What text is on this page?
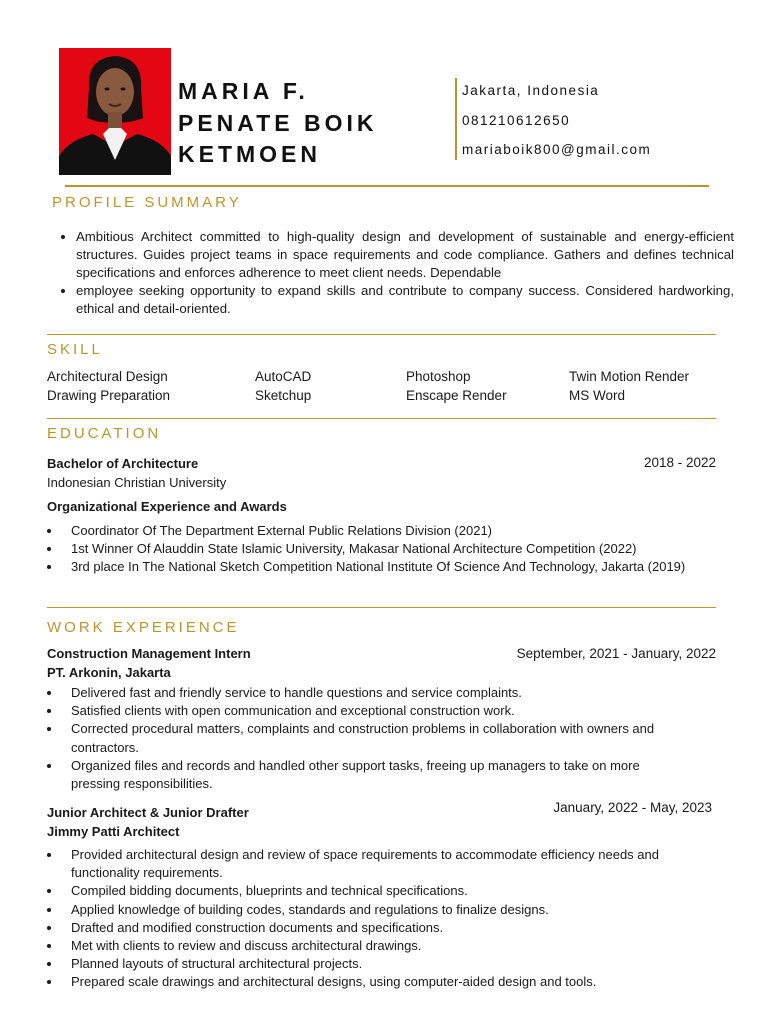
MARIA F.
PENATE BOIK
KETMOEN
Jakarta, Indonesia
081210612650
mariaboik800@gmail.com
PROFILE SUMMARY
Ambitious Architect committed to high-quality design and development of sustainable and energy-efficient structures. Guides project teams in space requirements and code compliance. Gathers and defines technical specifications and enforces adherence to meet client needs. Dependable
employee seeking opportunity to expand skills and contribute to company success. Considered hardworking, ethical and detail-oriented.
SKILL
Architectural Design	AutoCAD	Photoshop	Twin Motion Render
Drawing Preparation	Sketchup	Enscape Render	MS Word
EDUCATION
Bachelor of Architecture	2018 - 2022
Indonesian Christian University
Organizational Experience and Awards
Coordinator Of The Department External Public Relations Division (2021)
1st Winner Of Alauddin State Islamic University, Makasar National Architecture Competition (2022)
3rd place In The National Sketch Competition National Institute Of Science And Technology, Jakarta (2019)
WORK EXPERIENCE
Construction Management Intern	September, 2021 - January, 2022
PT. Arkonin, Jakarta
Delivered fast and friendly service to handle questions and service complaints.
Satisfied clients with open communication and exceptional construction work.
Corrected procedural matters, complaints and construction problems in collaboration with owners and contractors.
Organized files and records and handled other support tasks, freeing up managers to take on more pressing responsibilities.
Junior Architect & Junior Drafter	January, 2022 - May, 2023
Jimmy Patti Architect
Provided architectural design and review of space requirements to accommodate efficiency needs and functionality requirements.
Compiled bidding documents, blueprints and technical specifications.
Applied knowledge of building codes, standards and regulations to finalize designs.
Drafted and modified construction documents and specifications.
Met with clients to review and discuss architectural drawings.
Planned layouts of structural architectural projects.
Prepared scale drawings and architectural designs, using computer-aided design and tools.
